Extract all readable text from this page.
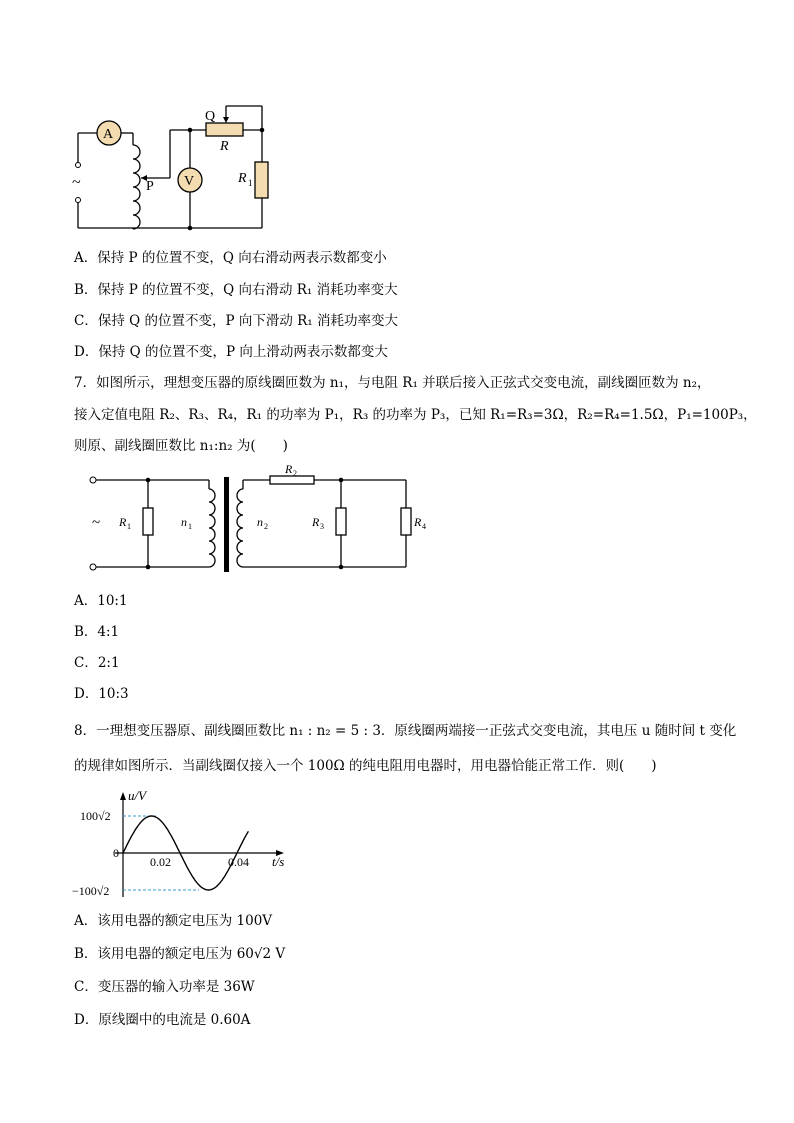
A
V
P
Q
R
R 1
~
A．保持 P 的位置不变，Q 向右滑动两表示数都变小
B．保持 P 的位置不变，Q 向右滑动 R₁ 消耗功率变大
C．保持 Q 的位置不变，P 向下滑动 R₁ 消耗功率变大
D．保持 Q 的位置不变，P 向上滑动两表示数都变大
7．如图所示，理想变压器的原线圈匝数为 n₁，与电阻 R₁ 并联后接入正弦式交变电流，副线圈匝数为 n₂，
接入定值电阻 R₂、R₃、R₄，R₁ 的功率为 P₁，R₃ 的功率为 P₃，已知 R₁=R₃=3Ω，R₂=R₄=1.5Ω，P₁=100P₃，
则原、副线圈匝数比 n₁:n₂ 为(　　)
~ R 1	n 1	n 2
R 2
R 3	R 4
A．10:1
B．4:1
C．2:1
D．10:3
8．一理想变压器原、副线圈匝数比 n₁ : n₂ = 5 : 3．原线圈两端接一正弦式交变电流，其电压 u 随时间 t 变化
的规律如图所示．当副线圈仅接入一个 100Ω 的纯电阻用电器时，用电器恰能正常工作．则(　　)
u/V
t/s
100√2
−100√2
0
0.02	0.04
A．该用电器的额定电压为 100V
B．该用电器的额定电压为 60√2 V
C．变压器的输入功率是 36W
D．原线圈中的电流是 0.60A
